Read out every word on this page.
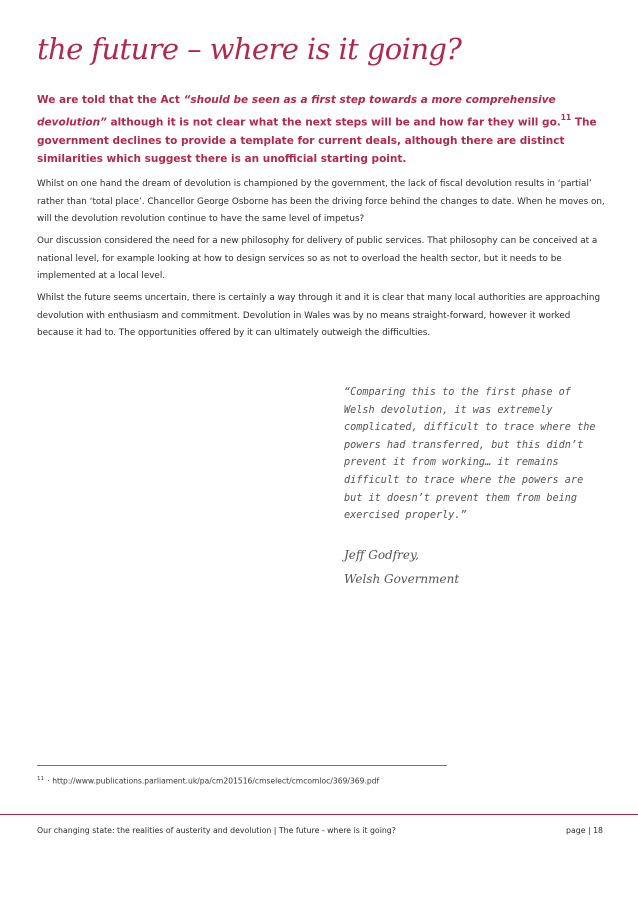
the future – where is it going?

We are told that the Act “should be seen as a first step towards a more comprehensive devolution” although it is not clear what the next steps will be and how far they will go.$^{11}$ The government declines to provide a template for current deals, although there are distinct similarities which suggest there is an unofficial starting point.

Whilst on one hand the dream of devolution is championed by the government, the lack of fiscal devolution results in ‘partial’ rather than ‘total place’. Chancellor George Osborne has been the driving force behind the changes to date. When he moves on, will the devolution revolution continue to have the same level of impetus?

Our discussion considered the need for a new philosophy for delivery of public services. That philosophy can be conceived at a national level, for example looking at how to design services so as not to overload the health sector, but it needs to be implemented at a local level.

Whilst the future seems uncertain, there is certainly a way through it and it is clear that many local authorities are approaching devolution with enthusiasm and commitment. Devolution in Wales was by no means straight-forward, however it worked because it had to. The opportunities offered by it can ultimately outweigh the difficulties.

“Comparing this to the first phase of Welsh devolution, it was extremely complicated, difficult to trace where the powers had transferred, but this didn’t prevent it from working… it remains difficult to trace where the powers are but it doesn’t prevent them from being exercised properly.”

Jeff Godfrey,
Welsh Government
$^{11}$ · http://www.publications.parliament.uk/pa/cm201516/cmselect/cmcomloc/369/369.pdf
Our changing state: the realities of austerity and devolution | The future - where is it going?	page | 18
